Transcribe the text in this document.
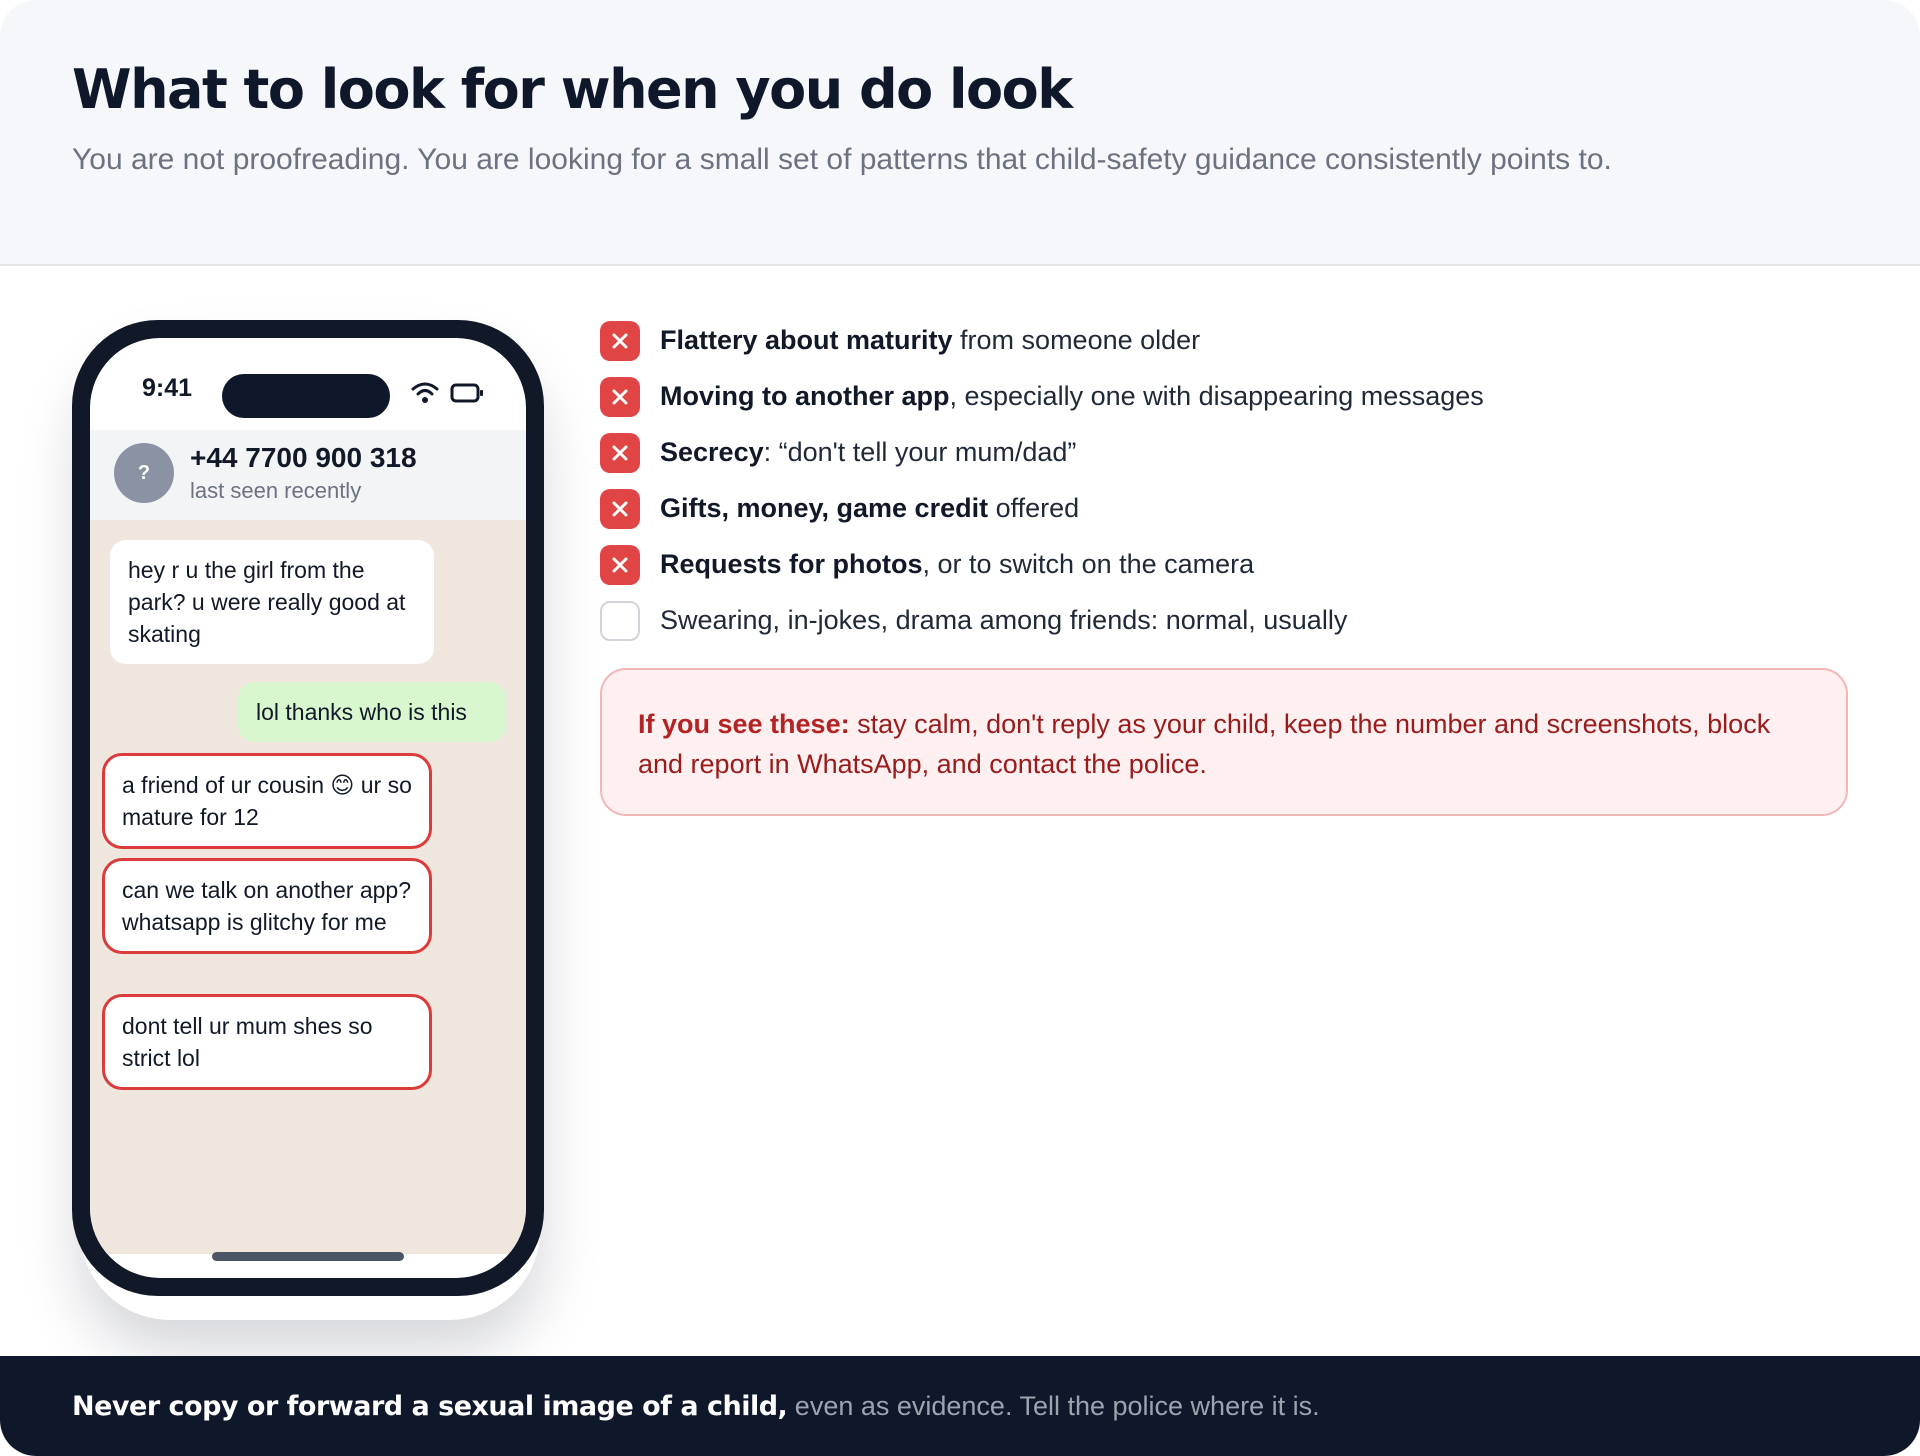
What to look for when you do look
You are not proofreading. You are looking for a small set of patterns that child-safety guidance consistently points to.
9:41
?	+44 7700 900 318
last seen recently
hey r u the girl from the park? u were really good at skating
lol thanks who is this
a friend of ur cousin 😊 ur so mature for 12
can we talk on another app? whatsapp is glitchy for me
dont tell ur mum shes so strict lol
Flattery about maturity from someone older
Moving to another app, especially one with disappearing messages
Secrecy: “don't tell your mum/dad”
Gifts, money, game credit offered
Requests for photos, or to switch on the camera
Swearing, in-jokes, drama among friends: normal, usually
If you see these: stay calm, don't reply as your child, keep the number and screenshots, block and report in WhatsApp, and contact the police.
Never copy or forward a sexual image of a child, even as evidence. Tell the police where it is.
